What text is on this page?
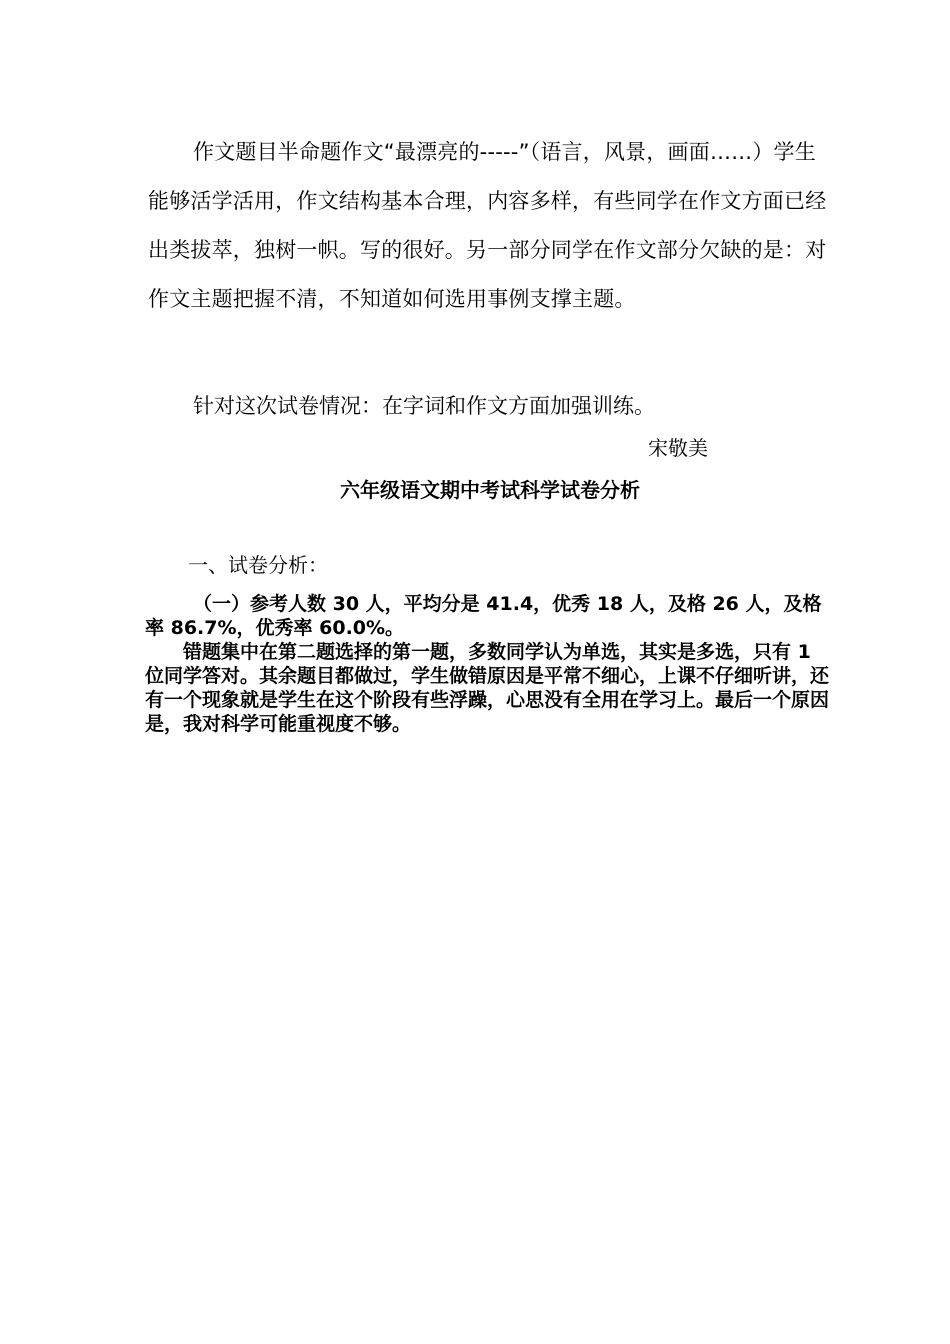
作文题目半命题作文“最漂亮的-----”（语言，风景，画面……）学生能够活学活用，作文结构基本合理，内容多样，有些同学在作文方面已经出类拔萃，独树一帜。写的很好。另一部分同学在作文部分欠缺的是：对作文主题把握不清，不知道如何选用事例支撑主题。

针对这次试卷情况：在字词和作文方面加强训练。

宋敬美

六年级语文期中考试科学试卷分析

一、试卷分析：

（一）参考人数 30 人，平均分是 41.4，优秀 18 人，及格 26 人，及格率 86.7%，优秀率 60.0%。

错题集中在第二题选择的第一题，多数同学认为单选，其实是多选，只有 1 位同学答对。其余题目都做过，学生做错原因是平常不细心，上课不仔细听讲，还有一个现象就是学生在这个阶段有些浮躁，心思没有全用在学习上。最后一个原因是，我对科学可能重视度不够。
